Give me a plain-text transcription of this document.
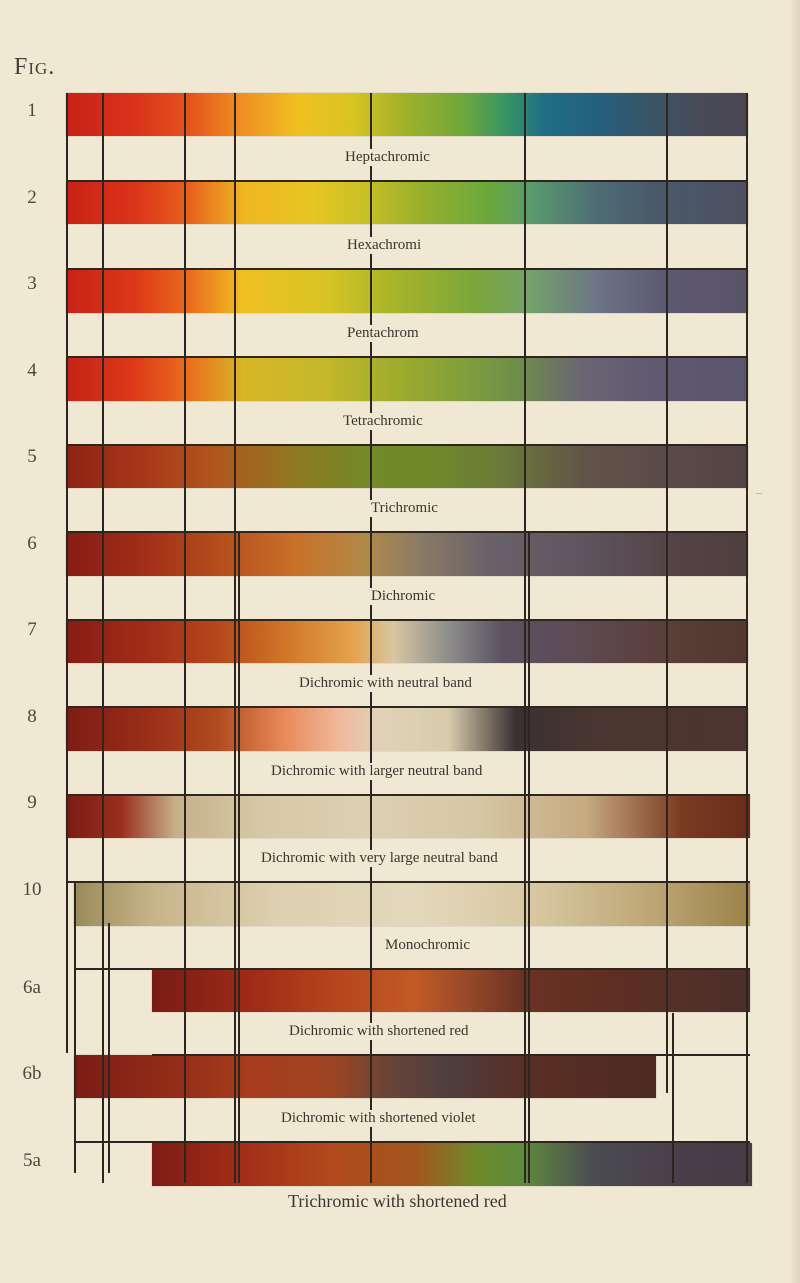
Fig.
1
2
3
4
5
6
7
8
9
10
6a
6b
5a
Heptachromic
Hexachromi
Pentachrom
Tetrachromic
Trichromic
Dichromic
Dichromic with neutral band
Dichromic with larger neutral band
Dichromic with very large neutral band
Monochromic
Dichromic with shortened red
Dichromic with shortened violet
Trichromic with shortened red
